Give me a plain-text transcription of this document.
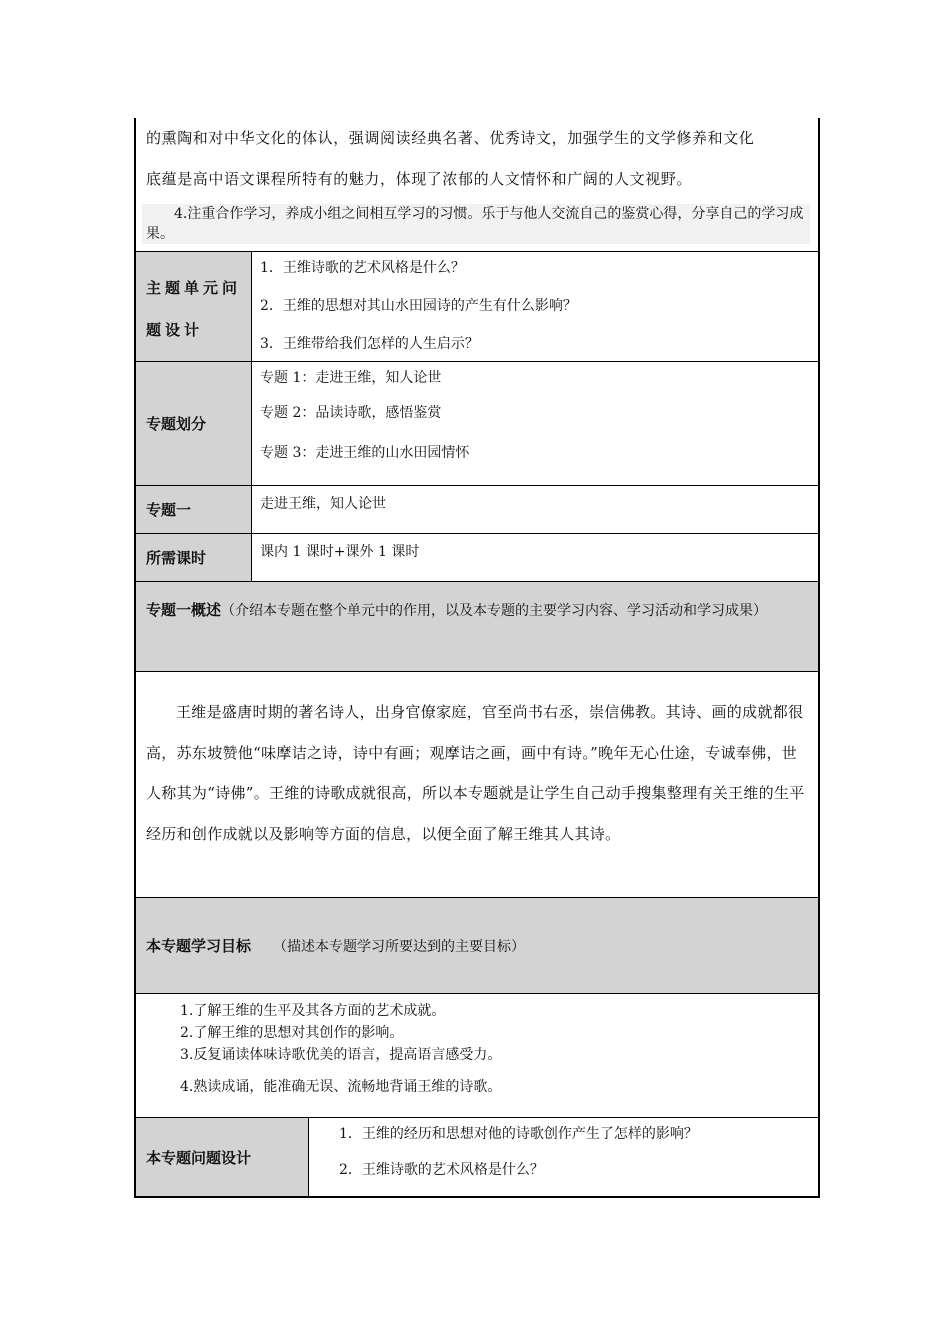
的熏陶和对中华文化的体认，强调阅读经典名著、优秀诗文，加强学生的文学修养和文化

底蕴是高中语文课程所特有的魅力，体现了浓郁的人文情怀和广阔的人文视野。

  4.注重合作学习，养成小组之间相互学习的习惯。乐于与他人交流自己的鉴赏心得，分享自己的学习成果。

主题单元问题设计

1．王维诗歌的艺术风格是什么？

2．王维的思想对其山水田园诗的产生有什么影响？

3．王维带给我们怎样的人生启示？

专题划分

专题 1：走进王维，知人论世

专题 2：品读诗歌，感悟鉴赏

专题 3：走进王维的山水田园情怀

专题一	走进王维，知人论世
所需课时	课内 1 课时+课外 1 课时

专题一概述（介绍本专题在整个单元中的作用，以及本专题的主要学习内容、学习活动和学习成果）

王维是盛唐时期的著名诗人，出身官僚家庭，官至尚书右丞，崇信佛教。其诗、画的成就都很高，苏东坡赞他“味摩诘之诗，诗中有画；观摩诘之画，画中有诗。”晚年无心仕途，专诚奉佛，世人称其为“诗佛”。王维的诗歌成就很高，所以本专题就是让学生自己动手搜集整理有关王维的生平经历和创作成就以及影响等方面的信息，以便全面了解王维其人其诗。

本专题学习目标 （描述本专题学习所要达到的主要目标）

1.了解王维的生平及其各方面的艺术成就。

2.了解王维的思想对其创作的影响。

3.反复诵读体味诗歌优美的语言，提高语言感受力。

4.熟读成诵，能准确无误、流畅地背诵王维的诗歌。

本专题问题设计

1．王维的经历和思想对他的诗歌创作产生了怎样的影响？

2．王维诗歌的艺术风格是什么？
